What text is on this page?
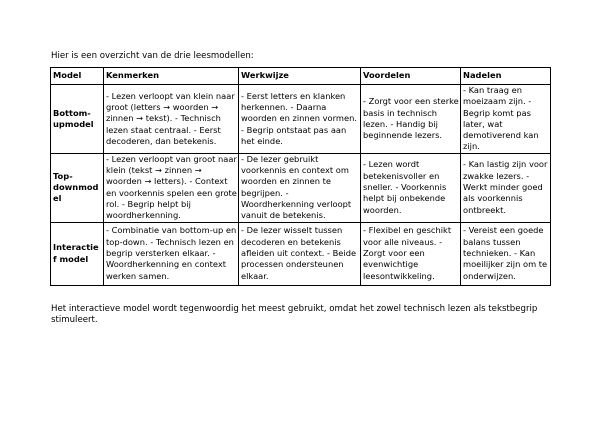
Hier is een overzicht van de drie leesmodellen:
Model	Kenmerken	Werkwijze	Voordelen	Nadelen
Bottom-upmodel	- Lezen verloopt van klein naar groot (letters → woorden → zinnen → tekst). - Technisch lezen staat centraal. - Eerst decoderen, dan betekenis.	- Eerst letters en klanken herkennen. - Daarna woorden en zinnen vormen. - Begrip ontstaat pas aan het einde.	- Zorgt voor een sterke basis in technisch lezen. - Handig bij beginnende lezers.	- Kan traag en moeizaam zijn. - Begrip komt pas later, wat demotiverend kan zijn.
Top-downmodel	- Lezen verloopt van groot naar klein (tekst → zinnen → woorden → letters). - Context en voorkennis spelen een grote rol. - Begrip helpt bij woordherkenning.	- De lezer gebruikt voorkennis en context om woorden en zinnen te begrijpen. - Woordherkenning verloopt vanuit de betekenis.	- Lezen wordt betekenisvoller en sneller. - Voorkennis helpt bij onbekende woorden.	- Kan lastig zijn voor zwakke lezers. - Werkt minder goed als voorkennis ontbreekt.
Interactief model	- Combinatie van bottom-up en top-down. - Technisch lezen en begrip versterken elkaar. - Woordherkenning en context werken samen.	- De lezer wisselt tussen decoderen en betekenis afleiden uit context. - Beide processen ondersteunen elkaar.	- Flexibel en geschikt voor alle niveaus. - Zorgt voor een evenwichtige leesontwikkeling.	- Vereist een goede balans tussen technieken. - Kan moeilijker zijn om te onderwijzen.
Het interactieve model wordt tegenwoordig het meest gebruikt, omdat het zowel technisch lezen als tekstbegrip stimuleert.
